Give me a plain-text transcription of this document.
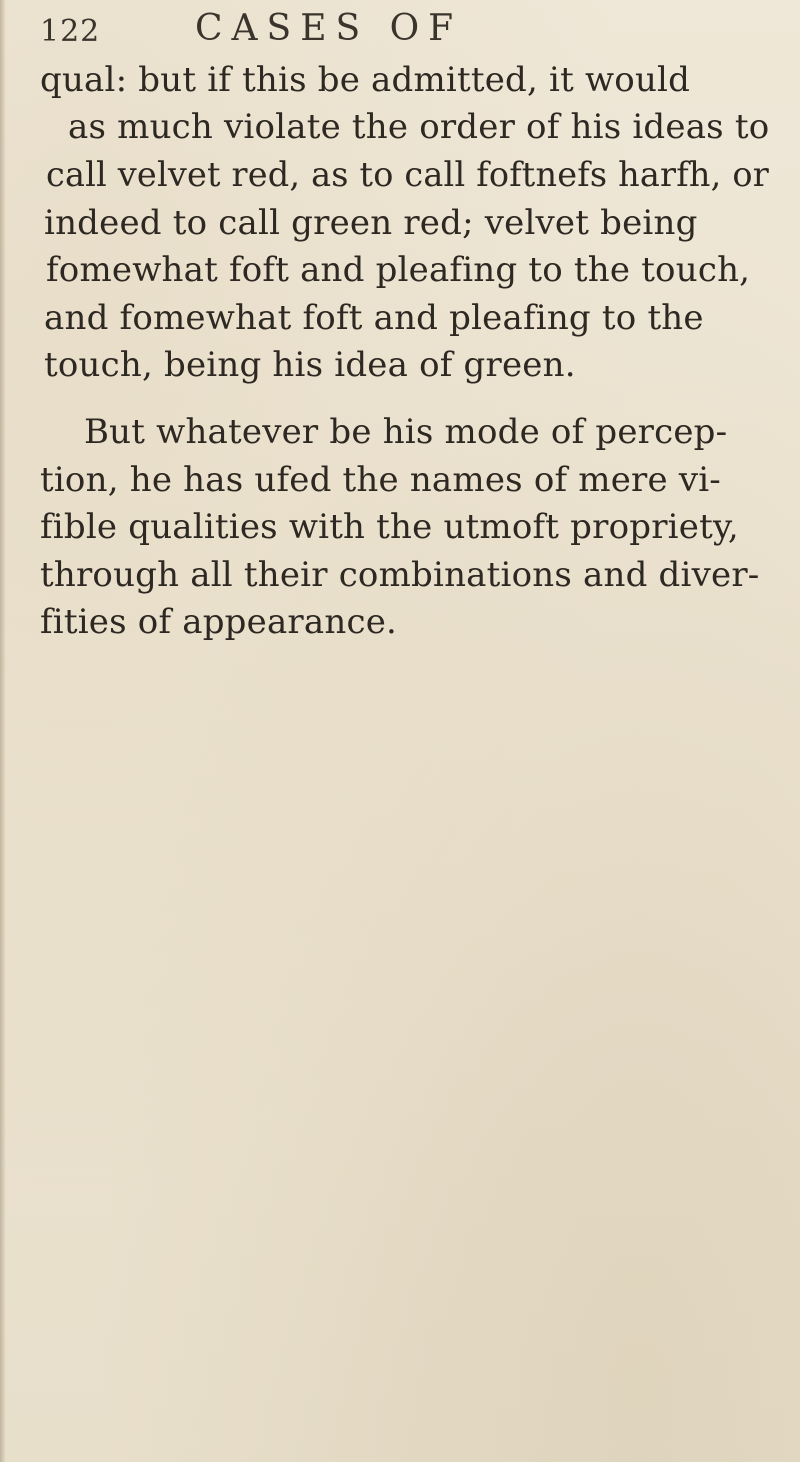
122	CASES OF
qual: but if this be admitted, it would
as much violate the order of his ideas to
call velvet red, as to call foftnefs harfh, or
indeed to call green red; velvet being
fomewhat foft and pleafing to the touch,
and fomewhat foft and pleafing to the
touch, being his idea of green.
But whatever be his mode of percep-
tion, he has ufed the names of mere vi-
fible qualities with the utmoft propriety,
through all their combinations and diver-
fities of appearance.
